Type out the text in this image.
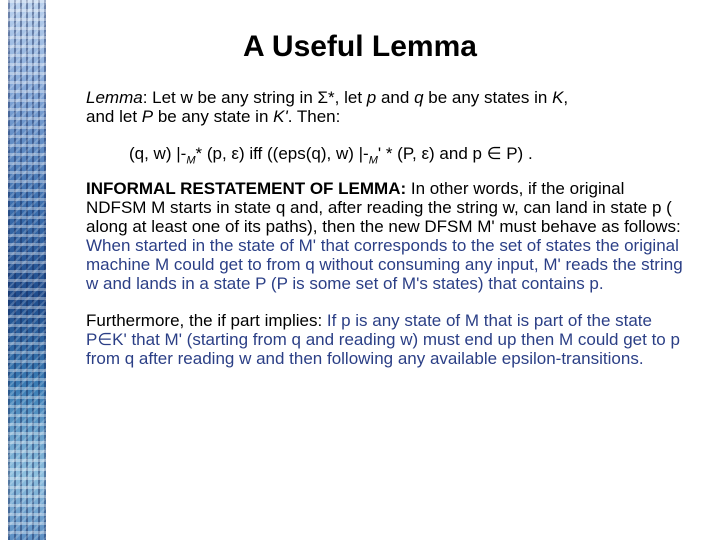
A Useful Lemma

Lemma: Let w be any string in Σ*, let p and q be any states in K,
and let P be any state in K'. Then:

(q, w) $|-_M*$ (p, ε) iff ((eps(q), w) $|-_M' * (P$, ε) and p ∈ P) .

INFORMAL RESTATEMENT OF LEMMA: In other words, if the original NDFSM M starts in state q and, after reading the string w, can land in state p ( along at least one of its paths), then the new DFSM M' must behave as follows:
When started in the state of M' that corresponds to the set of states the original machine M could get to from q without consuming any input, M' reads the string w and lands in a state P (P is some set of M's states) that contains p.

Furthermore, the if part implies: If p is any state of M that is part of the state P∈K' that M' (starting from q and reading w) must end up then M could get to p from q after reading w and then following any available epsilon-transitions.
